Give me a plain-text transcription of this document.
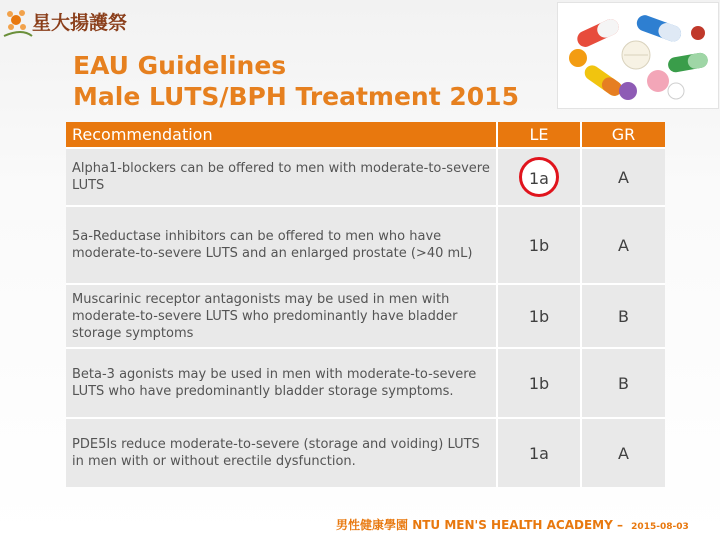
星大揚護祭
EAU Guidelines
Male LUTS/BPH Treatment 2015
Recommendation	LE	GR
Alpha1-blockers can be offered to men with moderate-to-severe LUTS	1a	A
5a-Reductase inhibitors can be offered to men who have moderate-to-severe LUTS and an enlarged prostate (>40 mL)	1b	A
Muscarinic receptor antagonists may be used in men with moderate-to-severe LUTS who predominantly have bladder storage symptoms	1b	B
Beta-3 agonists may be used in men with moderate-to-severe LUTS who have predominantly bladder storage symptoms.	1b	B
PDE5Is reduce moderate-to-severe (storage and voiding) LUTS in men with or without erectile dysfunction.	1a	A
男性健康學園 NTU MEN'S HEALTH ACADEMY – 2015-08-03
